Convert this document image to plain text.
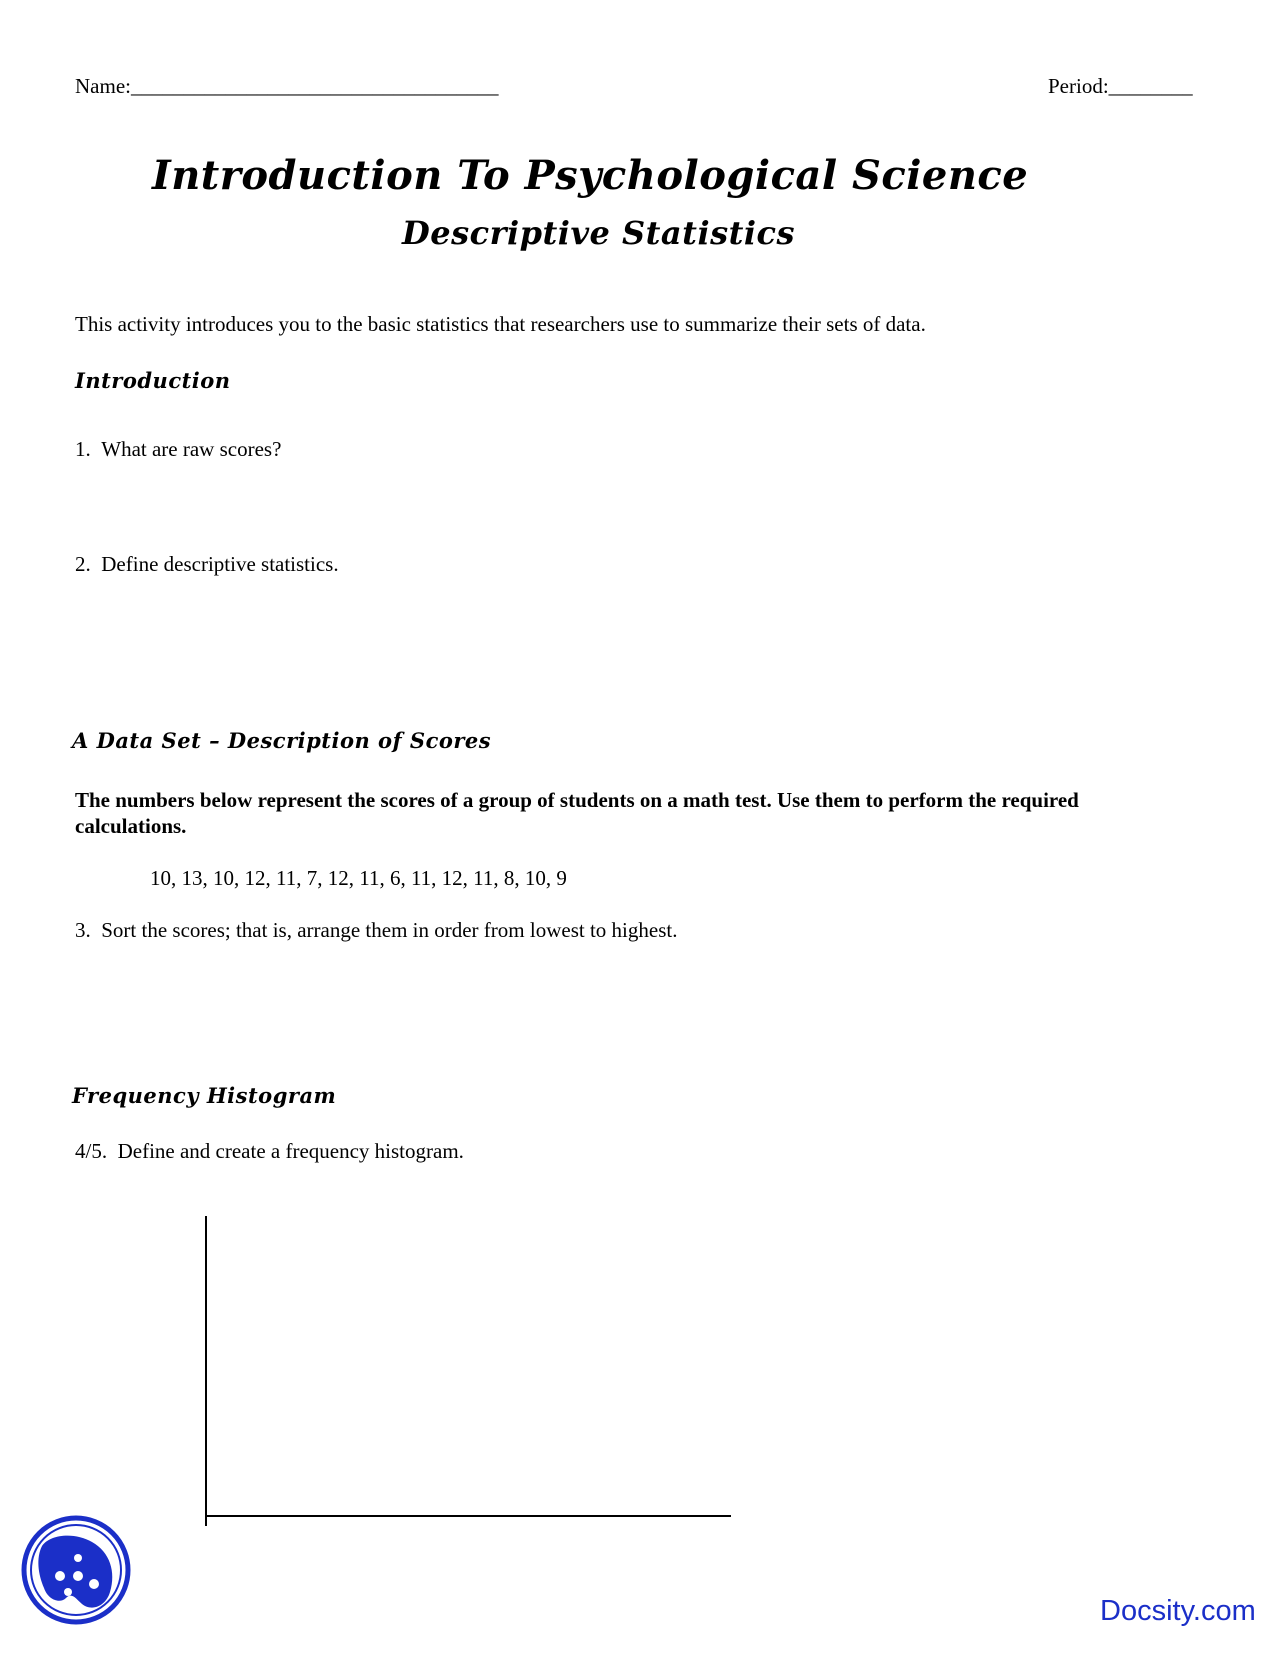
Name:___________________________________	Period:________
Introduction To Psychological Science
Descriptive Statistics
This activity introduces you to the basic statistics that researchers use to summarize their sets of data.
Introduction
1. What are raw scores?
2. Define descriptive statistics.
A Data Set – Description of Scores
The numbers below represent the scores of a group of students on a math test. Use them to perform the required calculations.
10, 13, 10, 12, 11, 7, 12, 11, 6, 11, 12, 11, 8, 10, 9
3. Sort the scores; that is, arrange them in order from lowest to highest.
Frequency Histogram
4/5. Define and create a frequency histogram.
Docsity.com
